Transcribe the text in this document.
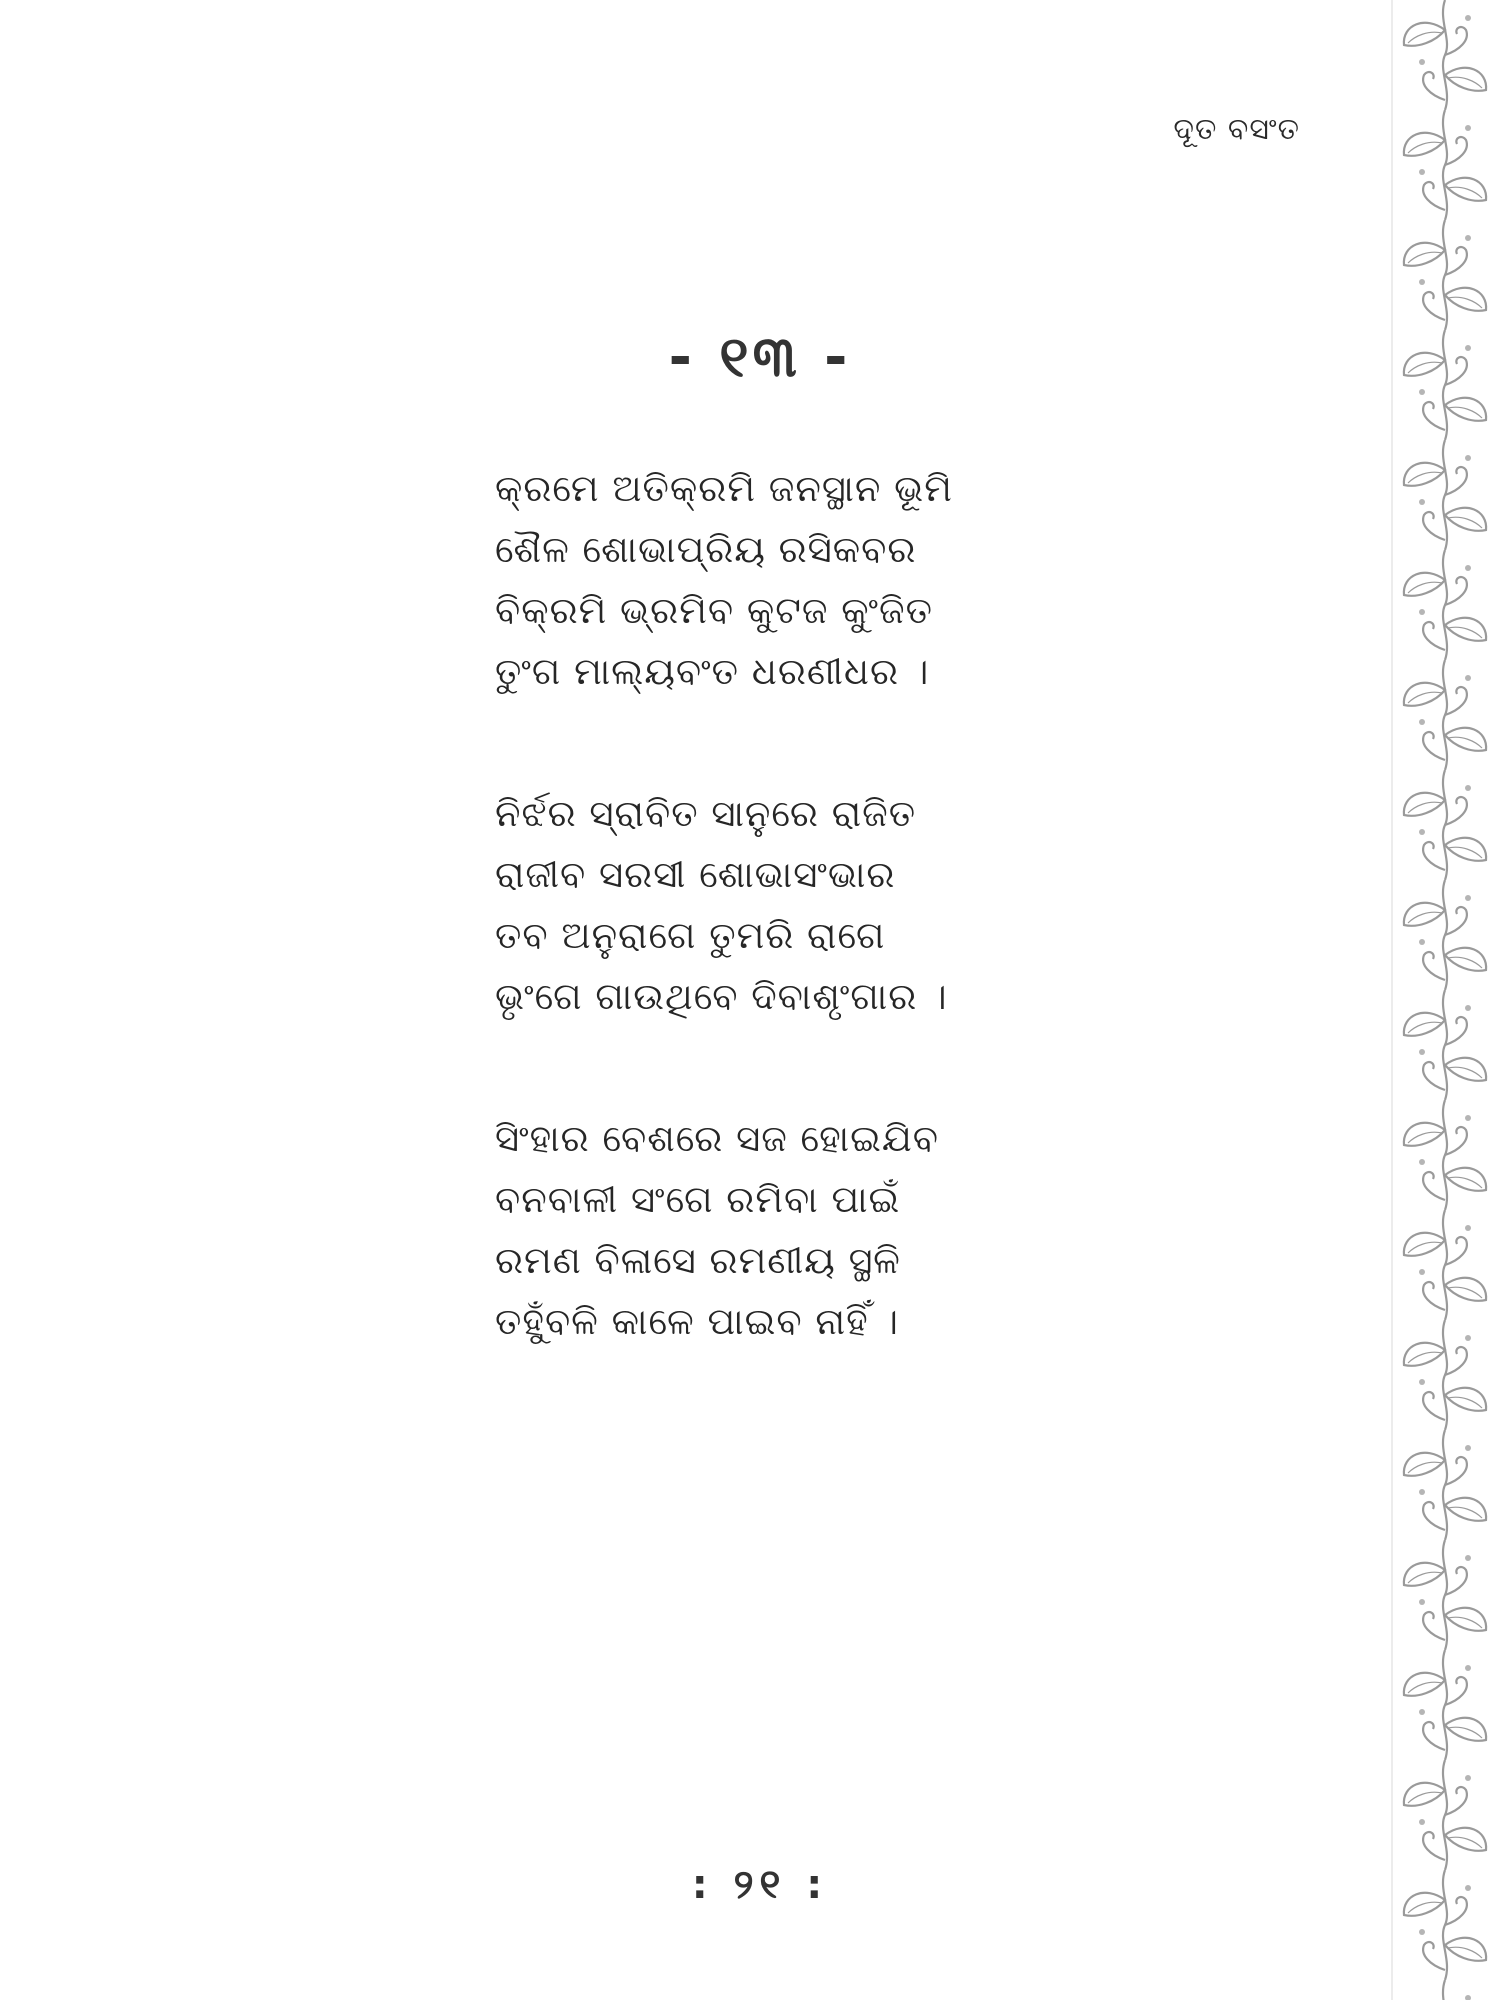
ଦୂତ ବସଂତ
- ୧୩ -
କ୍ରମେ ଅତିକ୍ରମି ଜନସ୍ଥାନ ଭୂମି
ଶୈଳ ଶୋଭାପ୍ରିୟ ରସିକବର
ବିକ୍ରମି ଭ୍ରମିବ କୁଟଜ କୁଂଜିତ
ତୁଂଗ ମାଲ୍ୟବଂତ ଧରଣୀଧର ।
ନିର୍ଝର ସ୍ରାବିତ ସାନୁରେ ରାଜିତ
ରାଜୀବ ସରସୀ ଶୋଭାସଂଭାର
ତବ ଅନୁରାଗେ ତୁମରି ରାଗେ
ଭୃଂଗେ ଗାଉଥିବେ ଦିବାଶୃଂଗାର ।
ସିଂହାର ବେଶରେ ସଜ ହୋଇଯିବ
ବନବାଳୀ ସଂଗେ ରମିବା ପାଇଁ
ରମଣ ବିଳାସେ ରମଣୀୟ ସ୍ଥଳି
ତହୁଁବଳି କାଳେ ପାଇବ ନାହିଁ ।
: ୨୧ :
